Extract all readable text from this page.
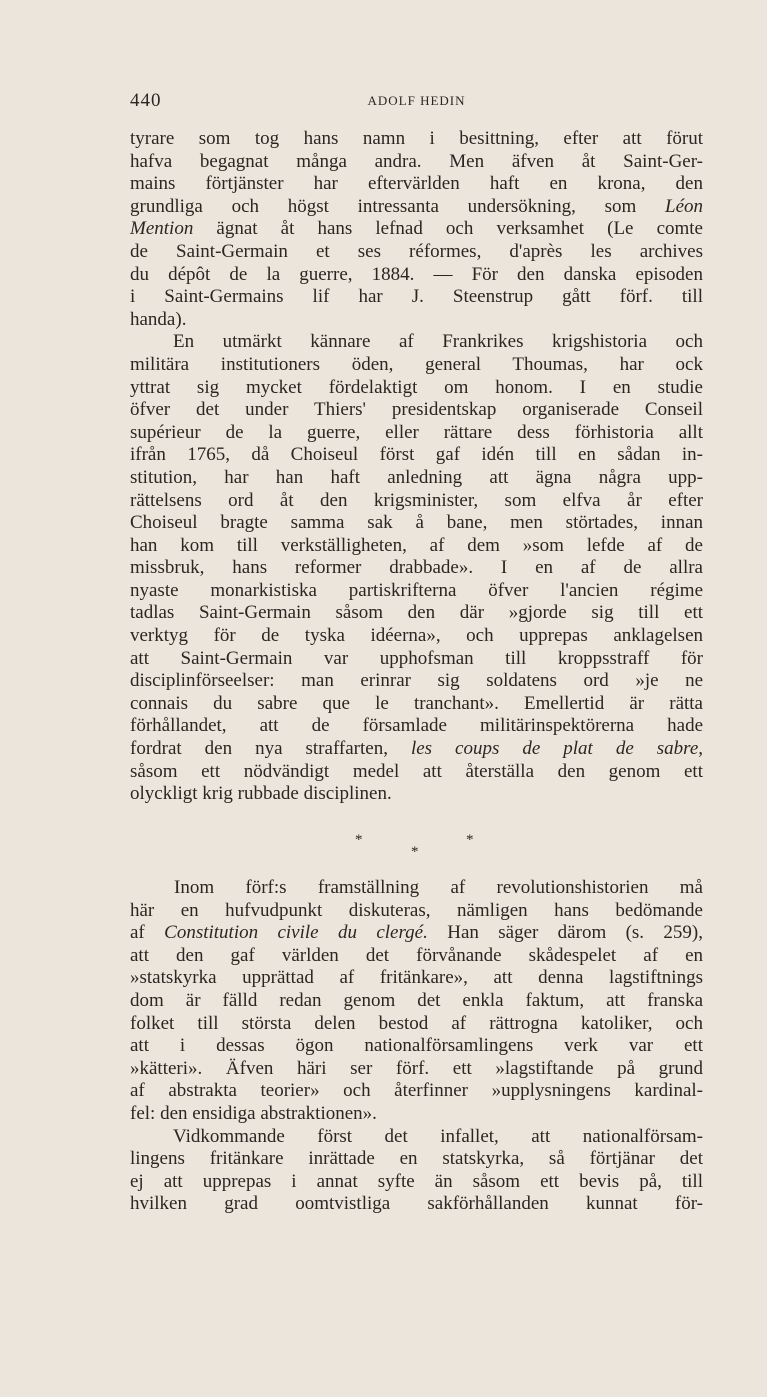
440	ADOLF HEDIN
tyrare som tog hans namn i besittning, efter att förut
hafva begagnat många andra. Men äfven åt Saint-Ger-
mains förtjänster har eftervärlden haft en krona, den
grundliga och högst intressanta undersökning, som Léon
Mention ägnat åt hans lefnad och verksamhet (Le comte
de Saint-Germain et ses réformes, d'après les archives
du dépôt de la guerre, 1884. — För den danska episoden
i Saint-Germains lif har J. Steenstrup gått förf. till
handa).
En utmärkt kännare af Frankrikes krigshistoria och
militära institutioners öden, general Thoumas, har ock
yttrat sig mycket fördelaktigt om honom. I en studie
öfver det under Thiers' presidentskap organiserade Conseil
supérieur de la guerre, eller rättare dess förhistoria allt
ifrån 1765, då Choiseul först gaf idén till en sådan in-
stitution, har han haft anledning att ägna några upp-
rättelsens ord åt den krigsminister, som elfva år efter
Choiseul bragte samma sak å bane, men störtades, innan
han kom till verkställigheten, af dem »som lefde af de
missbruk, hans reformer drabbade». I en af de allra
nyaste monarkistiska partiskrifterna öfver l'ancien régime
tadlas Saint-Germain såsom den där »gjorde sig till ett
verktyg för de tyska idéerna», och upprepas anklagelsen
att Saint-Germain var upphofsman till kroppsstraff för
disciplinförseelser: man erinrar sig soldatens ord »je ne
connais du sabre que le tranchant». Emellertid är rätta
förhållandet, att de församlade militärinspektörerna hade
fordrat den nya straffarten, les coups de plat de sabre,
såsom ett nödvändigt medel att återställa den genom ett
olyckligt krig rubbade disciplinen.
*	*
*
Inom förf:s framställning af revolutionshistorien må
här en hufvudpunkt diskuteras, nämligen hans bedömande
af Constitution civile du clergé. Han säger därom (s. 259),
att den gaf världen det förvånande skådespelet af en
»statskyrka upprättad af fritänkare», att denna lagstiftnings
dom är fälld redan genom det enkla faktum, att franska
folket till största delen bestod af rättrogna katoliker, och
att i dessas ögon nationalförsamlingens verk var ett
»kätteri». Äfven häri ser förf. ett »lagstiftande på grund
af abstrakta teorier» och återfinner »upplysningens kardinal-
fel: den ensidiga abstraktionen».
Vidkommande först det infallet, att nationalförsam-
lingens fritänkare inrättade en statskyrka, så förtjänar det
ej att upprepas i annat syfte än såsom ett bevis på, till
hvilken grad oomtvistliga sakförhållanden kunnat för-
